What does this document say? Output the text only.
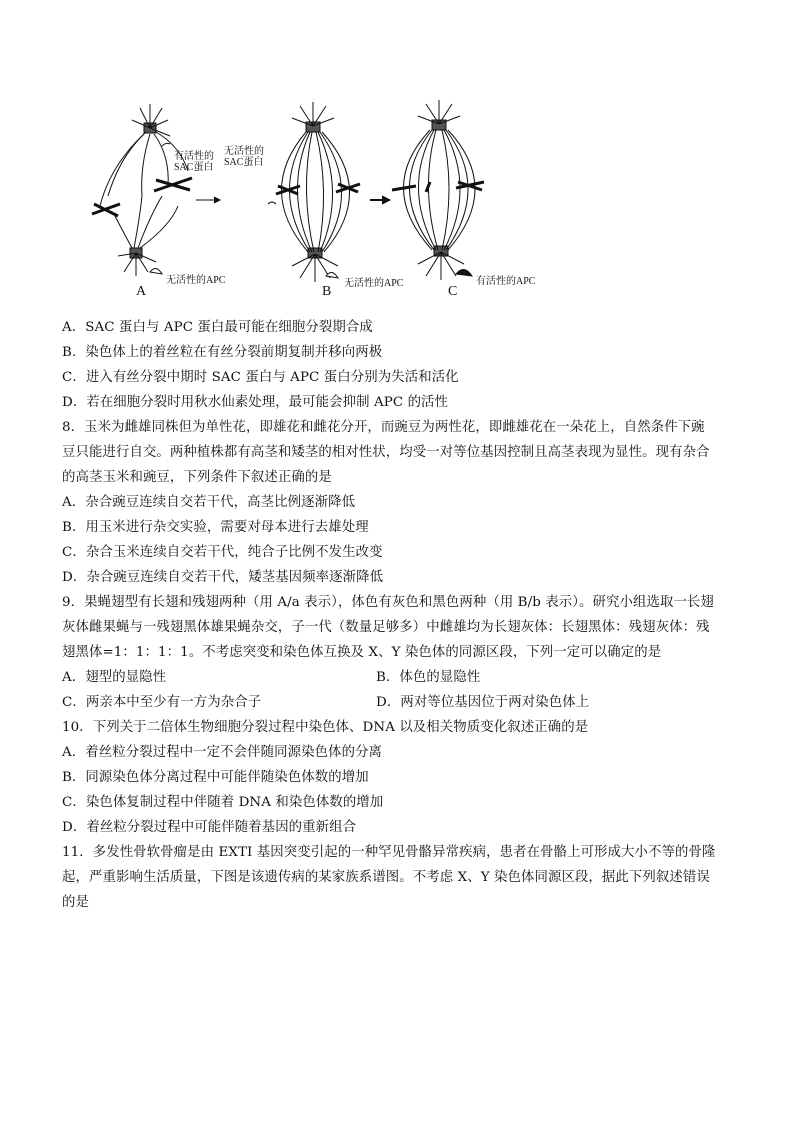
有活性的
SAC蛋白
无活性的
SAC蛋白
无活性的APC	无活性的APC	有活性的APC
A	B	C
A．SAC 蛋白与 APC 蛋白最可能在细胞分裂期合成
B．染色体上的着丝粒在有丝分裂前期复制并移向两极
C．进入有丝分裂中期时 SAC 蛋白与 APC 蛋白分别为失活和活化
D．若在细胞分裂时用秋水仙素处理，最可能会抑制 APC 的活性
8．玉米为雌雄同株但为单性花，即雄花和雌花分开，而豌豆为两性花，即雌雄花在一朵花上，自然条件下豌
豆只能进行自交。两种植株都有高茎和矮茎的相对性状，均受一对等位基因控制且高茎表现为显性。现有杂合
的高茎玉米和豌豆，下列条件下叙述正确的是
A．杂合豌豆连续自交若干代，高茎比例逐渐降低
B．用玉米进行杂交实验，需要对母本进行去雄处理
C．杂合玉米连续自交若干代，纯合子比例不发生改变
D．杂合豌豆连续自交若干代，矮茎基因频率逐渐降低
9．果蝇翅型有长翅和残翅两种（用 A/a 表示），体色有灰色和黑色两种（用 B/b 表示）。研究小组选取一长翅
灰体雌果蝇与一残翅黑体雄果蝇杂交，子一代（数量足够多）中雌雄均为长翅灰体：长翅黑体：残翅灰体：残
翅黑体=1：1：1：1。不考虑突变和染色体互换及 X、Y 染色体的同源区段，下列一定可以确定的是
A．翅型的显隐性	B．体色的显隐性
C．两亲本中至少有一方为杂合子	D．两对等位基因位于两对染色体上
10．下列关于二倍体生物细胞分裂过程中染色体、DNA 以及相关物质变化叙述正确的是
A．着丝粒分裂过程中一定不会伴随同源染色体的分离
B．同源染色体分离过程中可能伴随染色体数的增加
C．染色体复制过程中伴随着 DNA 和染色体数的增加
D．着丝粒分裂过程中可能伴随着基因的重新组合
11．多发性骨软骨瘤是由 EXTI 基因突变引起的一种罕见骨骼异常疾病，患者在骨骼上可形成大小不等的骨隆
起，严重影响生活质量，下图是该遗传病的某家族系谱图。不考虑 X、Y 染色体同源区段，据此下列叙述错误
的是
